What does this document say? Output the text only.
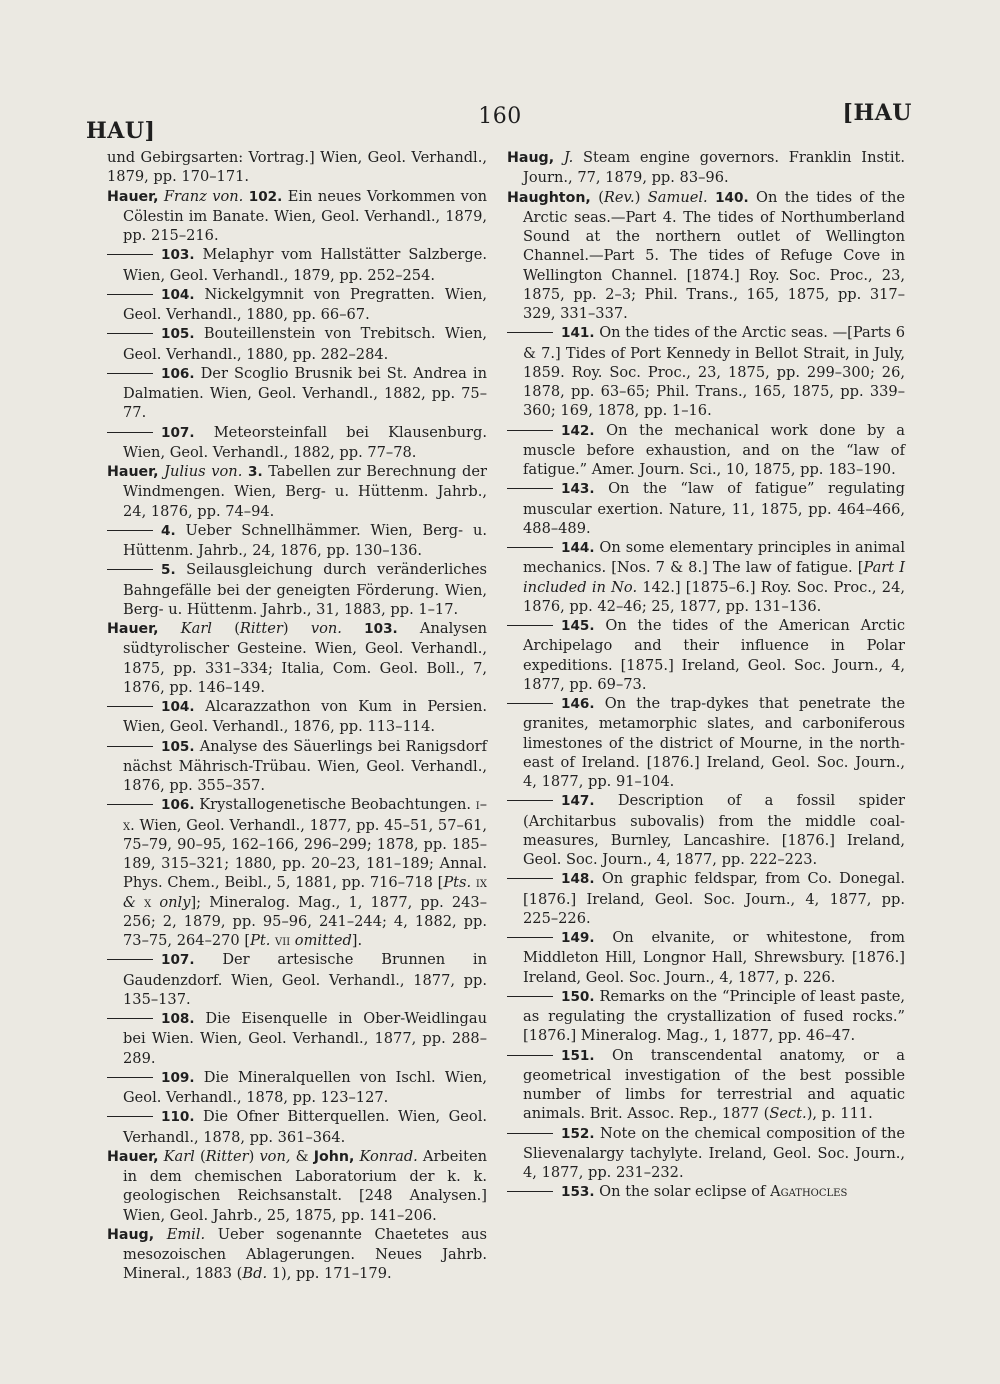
HAU]
160	[HAU

und Gebirgsarten: Vortrag.] Wien, Geol. Verhandl., 1879, pp. 170–171.

Hauer, Franz von. 102. Ein neues Vorkommen von Cölestin im Banate. Wien, Geol. Verhandl., 1879, pp. 215–216.

103. Melaphyr vom Hallstätter Salzberge. Wien, Geol. Verhandl., 1879, pp. 252–254.

104. Nickelgymnit von Pregratten. Wien, Geol. Verhandl., 1880, pp. 66–67.

105. Bouteillenstein von Trebitsch. Wien, Geol. Verhandl., 1880, pp. 282–284.

106. Der Scoglio Brusnik bei St. Andrea in Dalmatien. Wien, Geol. Verhandl., 1882, pp. 75–77.

107. Meteorsteinfall bei Klausenburg. Wien, Geol. Verhandl., 1882, pp. 77–78.

Hauer, Julius von. 3. Tabellen zur Berechnung der Windmengen. Wien, Berg- u. Hüttenm. Jahrb., 24, 1876, pp. 74–94.

4. Ueber Schnellhämmer. Wien, Berg- u. Hüttenm. Jahrb., 24, 1876, pp. 130–136.

5. Seilausgleichung durch veränderliches Bahngefälle bei der geneigten Förderung. Wien, Berg- u. Hüttenm. Jahrb., 31, 1883, pp. 1–17.

Hauer, Karl (Ritter) von. 103. Analysen südtyrolischer Gesteine. Wien, Geol. Verhandl., 1875, pp. 331–334; Italia, Com. Geol. Boll., 7, 1876, pp. 146–149.

104. Alcarazzathon von Kum in Persien. Wien, Geol. Verhandl., 1876, pp. 113–114.

105. Analyse des Säuerlings bei Ranigsdorf nächst Mährisch-Trübau. Wien, Geol. Verhandl., 1876, pp. 355–357.

106. Krystallogenetische Beobachtungen. i–x. Wien, Geol. Verhandl., 1877, pp. 45–51, 57–61, 75–79, 90–95, 162–166, 296–299; 1878, pp. 185–189, 315–321; 1880, pp. 20–23, 181–189; Annal. Phys. Chem., Beibl., 5, 1881, pp. 716–718 [Pts. ix & x only]; Mineralog. Mag., 1, 1877, pp. 243–256; 2, 1879, pp. 95–96, 241–244; 4, 1882, pp. 73–75, 264–270 [Pt. vii omitted].

107. Der artesische Brunnen in Gaudenzdorf. Wien, Geol. Verhandl., 1877, pp. 135–137.

108. Die Eisenquelle in Ober-Weidlingau bei Wien. Wien, Geol. Verhandl., 1877, pp. 288–289.

109. Die Mineralquellen von Ischl. Wien, Geol. Verhandl., 1878, pp. 123–127.

110. Die Ofner Bitterquellen. Wien, Geol. Verhandl., 1878, pp. 361–364.

Hauer, Karl (Ritter) von, & John, Konrad. Arbeiten in dem chemischen Laboratorium der k. k. geologischen Reichsanstalt. [248 Analysen.] Wien, Geol. Jahrb., 25, 1875, pp. 141–206.

Haug, Emil. Ueber sogenannte Chaetetes aus mesozoischen Ablagerungen. Neues Jahrb. Mineral., 1883 (Bd. 1), pp. 171–179.

Haug, J. Steam engine governors. Franklin Instit. Journ., 77, 1879, pp. 83–96.

Haughton, (Rev.) Samuel. 140. On the tides of the Arctic seas.—Part 4. The tides of Northumberland Sound at the northern outlet of Wellington Channel.—Part 5. The tides of Refuge Cove in Wellington Channel. [1874.] Roy. Soc. Proc., 23, 1875, pp. 2–3; Phil. Trans., 165, 1875, pp. 317–329, 331–337.

141. On the tides of the Arctic seas. —[Parts 6 & 7.] Tides of Port Kennedy in Bellot Strait, in July, 1859. Roy. Soc. Proc., 23, 1875, pp. 299–300; 26, 1878, pp. 63–65; Phil. Trans., 165, 1875, pp. 339–360; 169, 1878, pp. 1–16.

142. On the mechanical work done by a muscle before exhaustion, and on the “law of fatigue.” Amer. Journ. Sci., 10, 1875, pp. 183–190.

143. On the “law of fatigue” regulating muscular exertion. Nature, 11, 1875, pp. 464–466, 488–489.

144. On some elementary principles in animal mechanics. [Nos. 7 & 8.] The law of fatigue. [Part I included in No. 142.] [1875–6.] Roy. Soc. Proc., 24, 1876, pp. 42–46; 25, 1877, pp. 131–136.

145. On the tides of the American Arctic Archipelago and their influence in Polar expeditions. [1875.] Ireland, Geol. Soc. Journ., 4, 1877, pp. 69–73.

146. On the trap-dykes that penetrate the granites, metamorphic slates, and carboniferous limestones of the district of Mourne, in the north-east of Ireland. [1876.] Ireland, Geol. Soc. Journ., 4, 1877, pp. 91–104.

147. Description of a fossil spider (Architarbus subovalis) from the middle coal-measures, Burnley, Lancashire. [1876.] Ireland, Geol. Soc. Journ., 4, 1877, pp. 222–223.

148. On graphic feldspar, from Co. Donegal. [1876.] Ireland, Geol. Soc. Journ., 4, 1877, pp. 225–226.

149. On elvanite, or whitestone, from Middleton Hill, Longnor Hall, Shrewsbury. [1876.] Ireland, Geol. Soc. Journ., 4, 1877, p. 226.

150. Remarks on the “Principle of least paste, as regulating the crystallization of fused rocks.” [1876.] Mineralog. Mag., 1, 1877, pp. 46–47.

151. On transcendental anatomy, or a geometrical investigation of the best possible number of limbs for terrestrial and aquatic animals. Brit. Assoc. Rep., 1877 (Sect.), p. 111.

152. Note on the chemical composition of the Slievenalargy tachylyte. Ireland, Geol. Soc. Journ., 4, 1877, pp. 231–232.

153. On the solar eclipse of Agathocles
